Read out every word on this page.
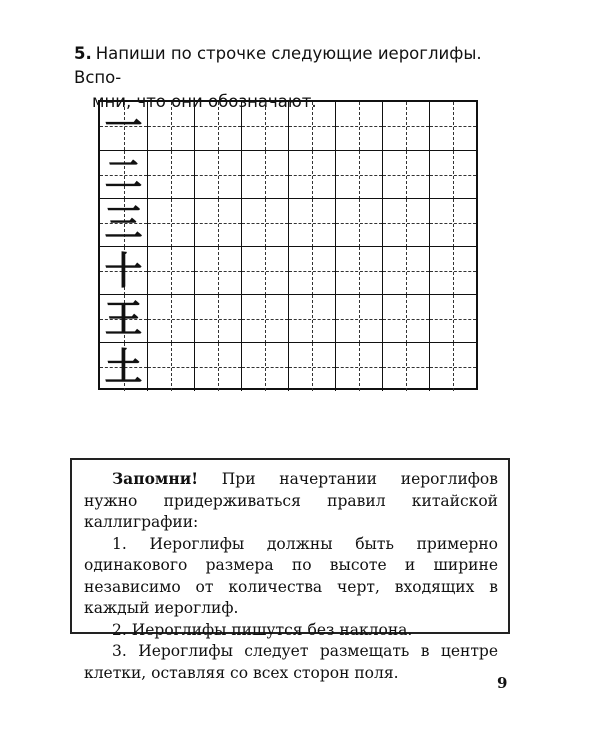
5. Напиши по строчке следующие иероглифы. Вспо-
мни, что они обозначают.
一
二
三
十
王
土

Запомни! При начертании иероглифов нужно придерживаться правил китайской каллиграфии:

1. Иероглифы должны быть примерно одинакового размера по высоте и ширине независимо от количества черт, входящих в каждый иероглиф.

2. Иероглифы пишутся без наклона.

3. Иероглифы следует размещать в центре клетки, оставляя со всех сторон поля.

9
